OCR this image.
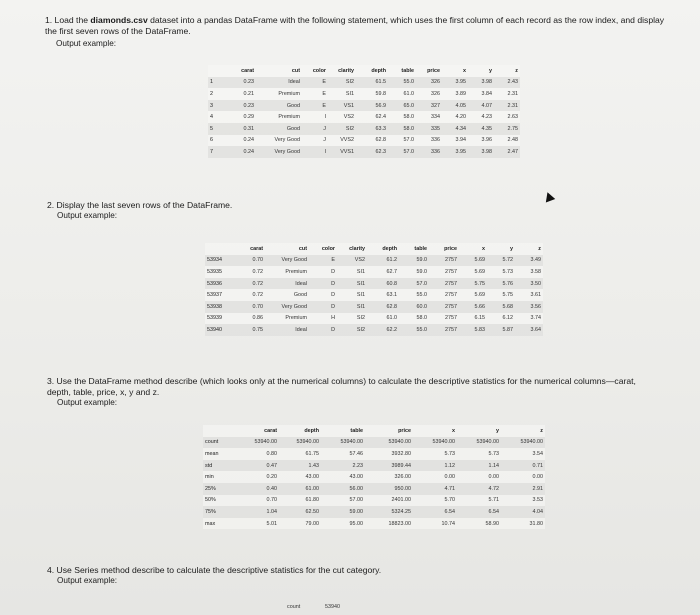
1. Load the diamonds.csv dataset into a pandas DataFrame with the following statement, which uses the first column of each record as the row index, and display the first seven rows of the DataFrame.
Output example:
	carat	cut	color	clarity	depth	table	price	x	y	z
1	0.23	Ideal	E	SI2	61.5	55.0	326	3.95	3.98	2.43
2	0.21	Premium	E	SI1	59.8	61.0	326	3.89	3.84	2.31
3	0.23	Good	E	VS1	56.9	65.0	327	4.05	4.07	2.31
4	0.29	Premium	I	VS2	62.4	58.0	334	4.20	4.23	2.63
5	0.31	Good	J	SI2	63.3	58.0	335	4.34	4.35	2.75
6	0.24	Very Good	J	VVS2	62.8	57.0	336	3.94	3.96	2.48
7	0.24	Very Good	I	VVS1	62.3	57.0	336	3.95	3.98	2.47
2. Display the last seven rows of the DataFrame.
Output example:
	carat	cut	color	clarity	depth	table	price	x	y	z
53934	0.70	Very Good	E	VS2	61.2	59.0	2757	5.69	5.72	3.49
53935	0.72	Premium	D	SI1	62.7	59.0	2757	5.69	5.73	3.58
53936	0.72	Ideal	D	SI1	60.8	57.0	2757	5.75	5.76	3.50
53937	0.72	Good	D	SI1	63.1	55.0	2757	5.69	5.75	3.61
53938	0.70	Very Good	D	SI1	62.8	60.0	2757	5.66	5.68	3.56
53939	0.86	Premium	H	SI2	61.0	58.0	2757	6.15	6.12	3.74
53940	0.75	Ideal	D	SI2	62.2	55.0	2757	5.83	5.87	3.64
3. Use the DataFrame method describe (which looks only at the numerical columns) to calculate the descriptive statistics for the numerical columns—carat, depth, table, price, x, y and z.
Output example:
	carat	depth	table	price	x	y	z
count	53940.00	53940.00	53940.00	53940.00	53940.00	53940.00	53940.00
mean	0.80	61.75	57.46	3932.80	5.73	5.73	3.54
std	0.47	1.43	2.23	3989.44	1.12	1.14	0.71
min	0.20	43.00	43.00	326.00	0.00	0.00	0.00
25%	0.40	61.00	56.00	950.00	4.71	4.72	2.91
50%	0.70	61.80	57.00	2401.00	5.70	5.71	3.53
75%	1.04	62.50	59.00	5324.25	6.54	6.54	4.04
max	5.01	79.00	95.00	18823.00	10.74	58.90	31.80
4. Use Series method describe to calculate the descriptive statistics for the cut category.
Output example:
count	53940
